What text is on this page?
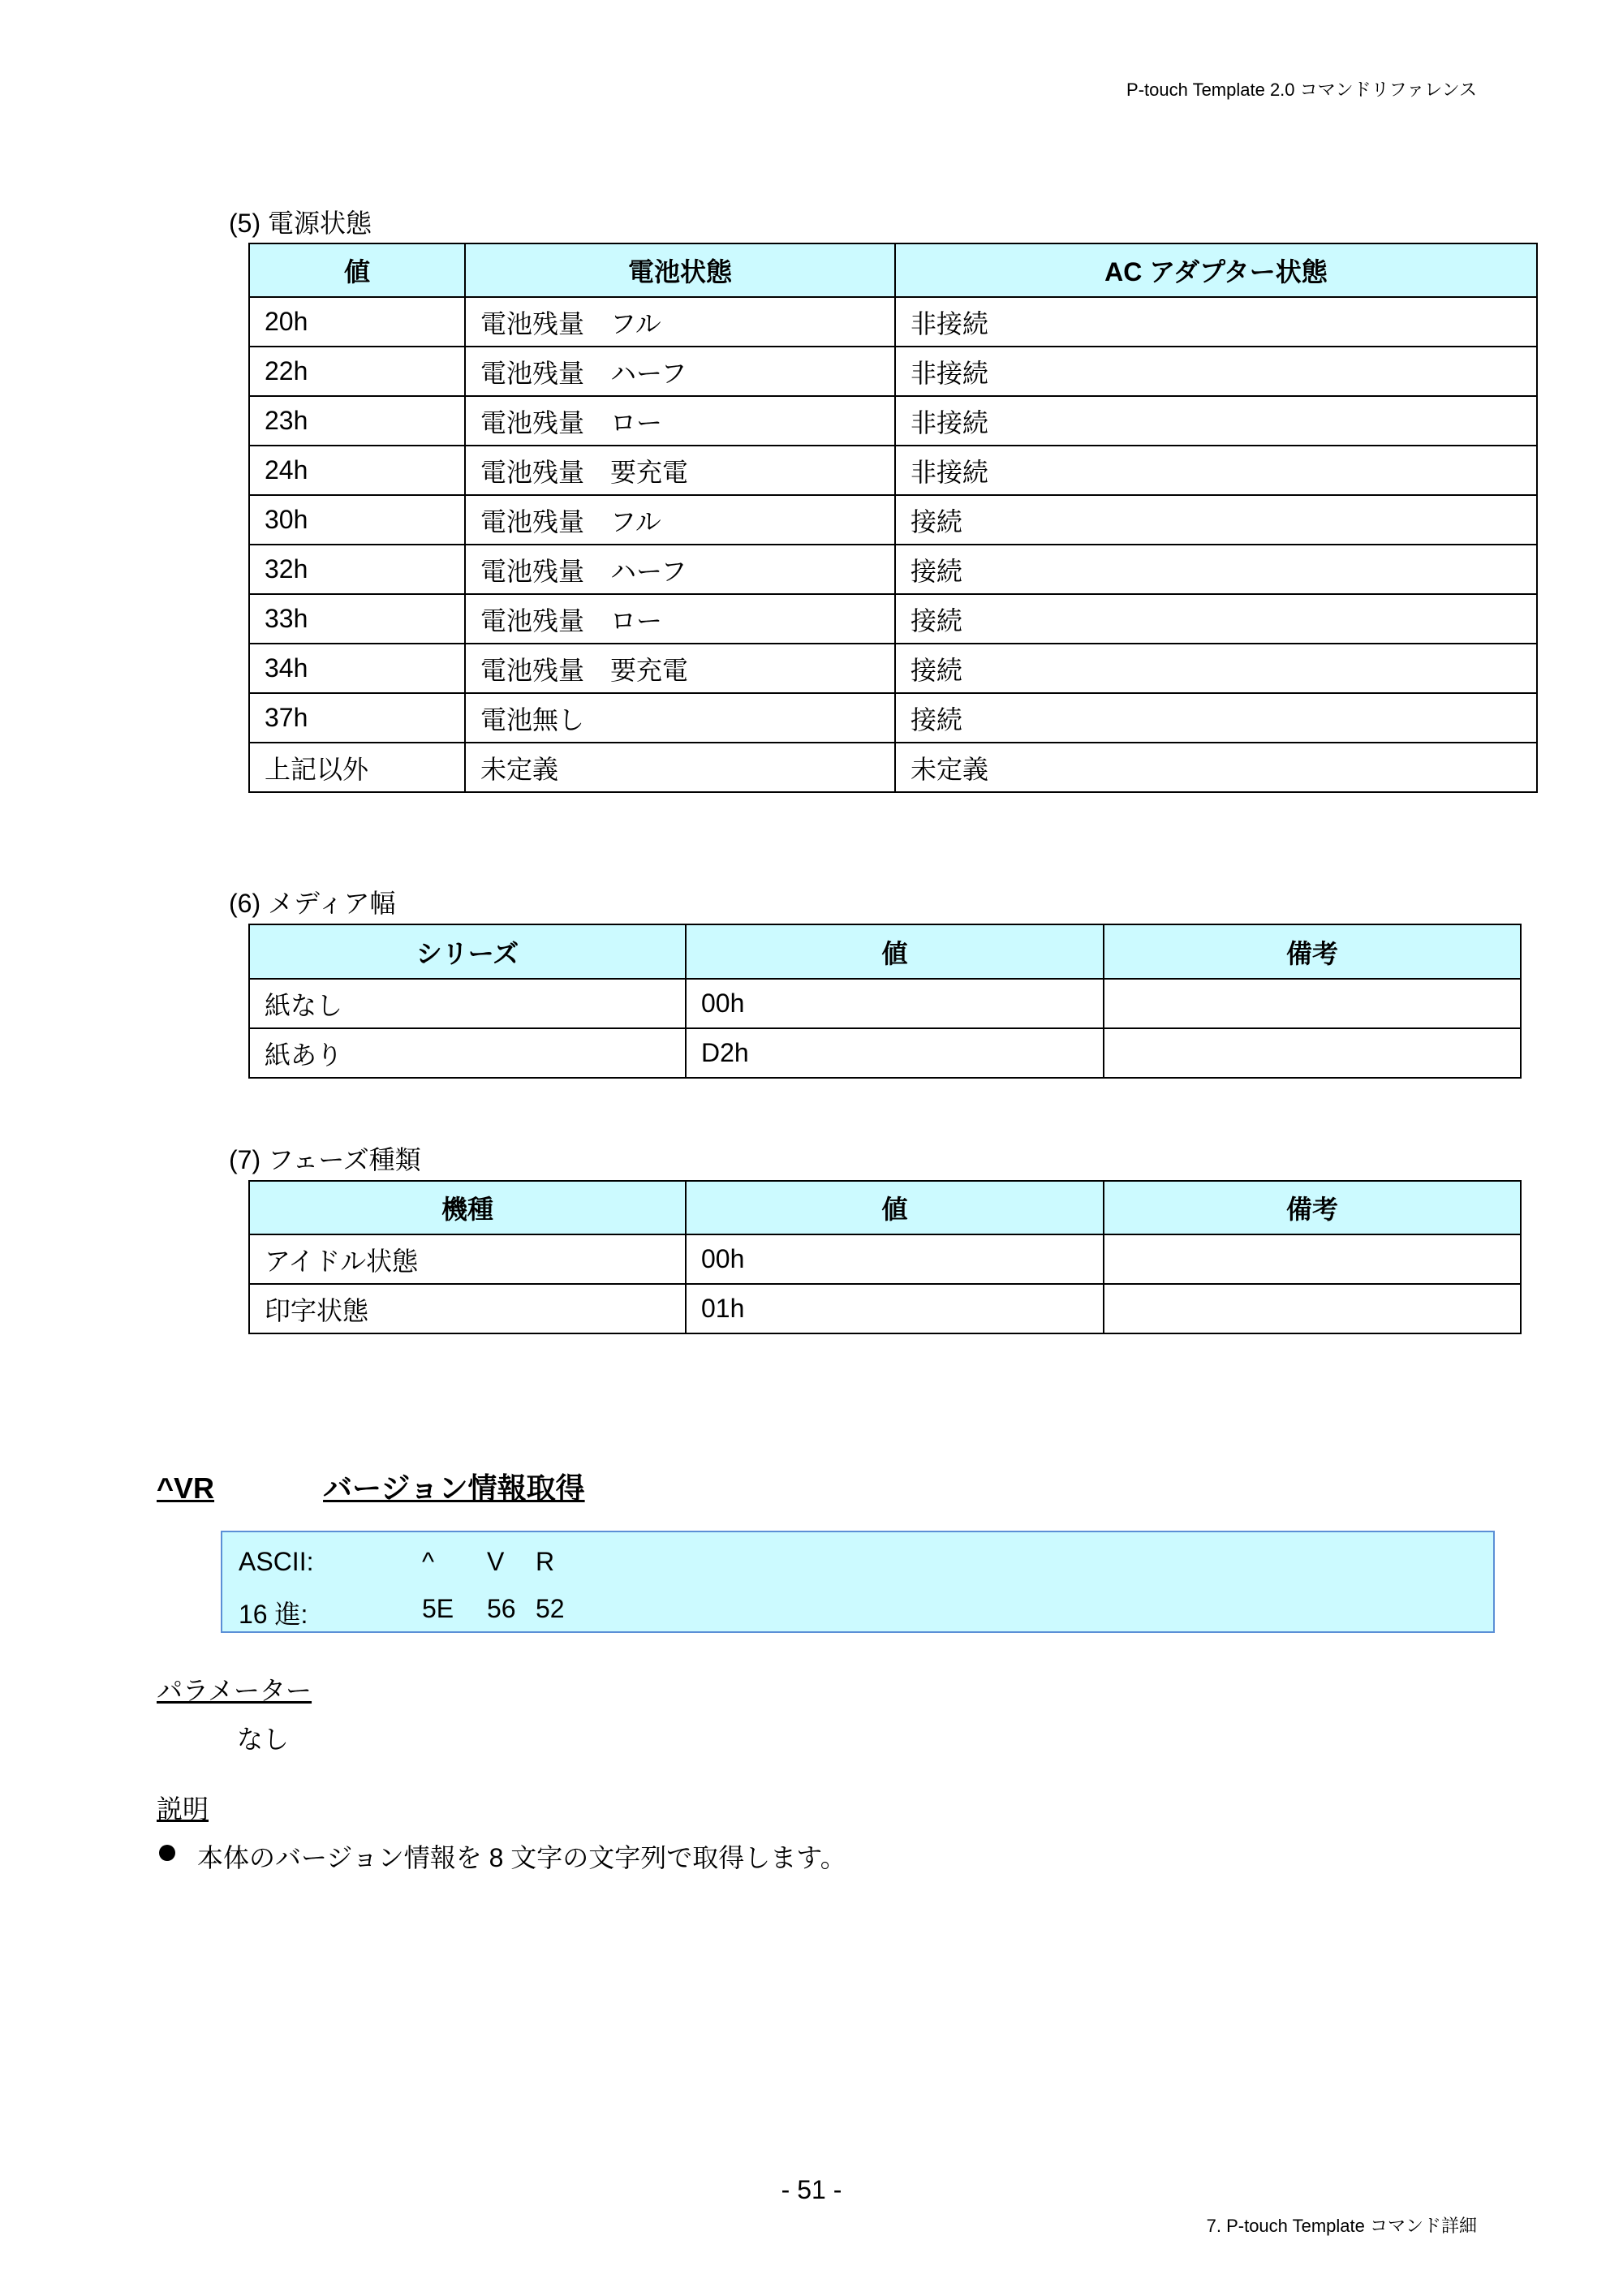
P-touch Template 2.0 コマンドリファレンス
(5) 電源状態
値	電池状態	AC アダプター状態
20h	電池残量　フル	非接続
22h	電池残量　ハーフ	非接続
23h	電池残量　ロー	非接続
24h	電池残量　要充電	非接続
30h	電池残量　フル	接続
32h	電池残量　ハーフ	接続
33h	電池残量　ロー	接続
34h	電池残量　要充電	接続
37h	電池無し	接続
上記以外	未定義	未定義
(6) メディア幅
シリーズ	値	備考
紙なし	00h	
紙あり	D2h	
(7) フェーズ種類
機種	値	備考
アイドル状態	00h	
印字状態	01h	
^VR	バージョン情報取得
ASCII:	^ V R
16 進:	5E 56 52
パラメーター
なし
説明
本体のバージョン情報を 8 文字の文字列で取得します。
- 51 -
7. P-touch Template コマンド詳細
